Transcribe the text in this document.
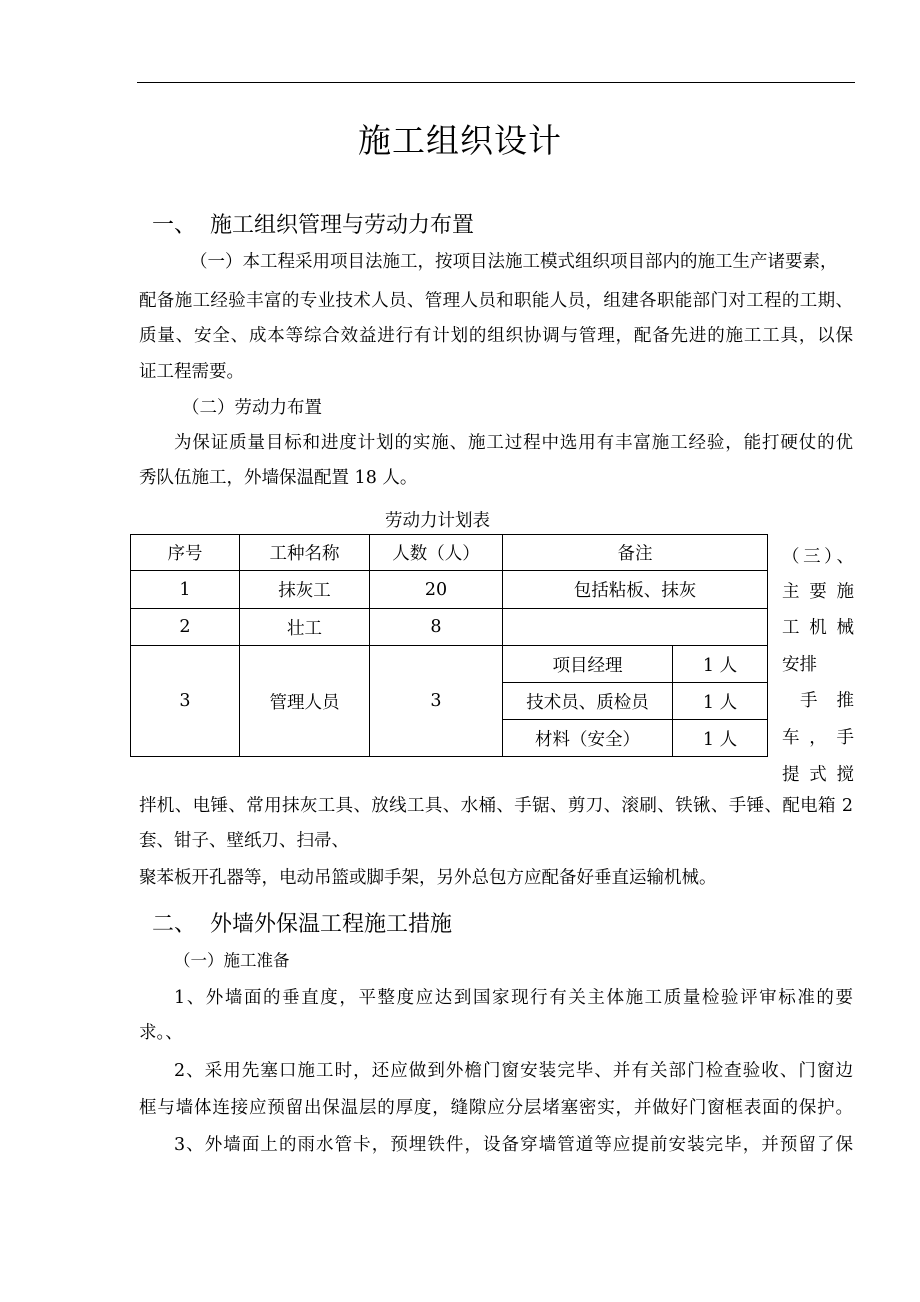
施工组织设计
一、 施工组织管理与劳动力布置
（一）本工程采用项目法施工，按项目法施工模式组织项目部内的施工生产诸要素，
配备施工经验丰富的专业技术人员、管理人员和职能人员，组建各职能部门对工程的工期、
质量、安全、成本等综合效益进行有计划的组织协调与管理，配备先进的施工工具，以保
证工程需要。
（二）劳动力布置
为保证质量目标和进度计划的实施、施工过程中选用有丰富施工经验，能打硬仗的优
秀队伍施工，外墙保温配置 18 人。
劳动力计划表
序号	工种名称	人数（人）	备注	
1	抹灰工	20	包括粘板、抹灰	
2	壮工	8		
3	管理人员	3	项目经理	1 人
			技术员、质检员	1 人
			材料（安全）	1 人
（三）、
主要施
工机械
安排
手推
车，手
提式搅
拌机、电锤、常用抹灰工具、放线工具、水桶、手锯、剪刀、滚刷、铁锹、手锤、配电箱 2
套、钳子、壁纸刀、扫帚、
聚苯板开孔器等，电动吊篮或脚手架，另外总包方应配备好垂直运输机械。
二、 外墙外保温工程施工措施
（一）施工准备
1、外墙面的垂直度，平整度应达到国家现行有关主体施工质量检验评审标准的要
求。、
2、采用先塞口施工时，还应做到外檐门窗安装完毕、并有关部门检查验收、门窗边
框与墙体连接应预留出保温层的厚度，缝隙应分层堵塞密实，并做好门窗框表面的保护。
3、外墙面上的雨水管卡，预埋铁件，设备穿墙管道等应提前安装完毕，并预留了保
